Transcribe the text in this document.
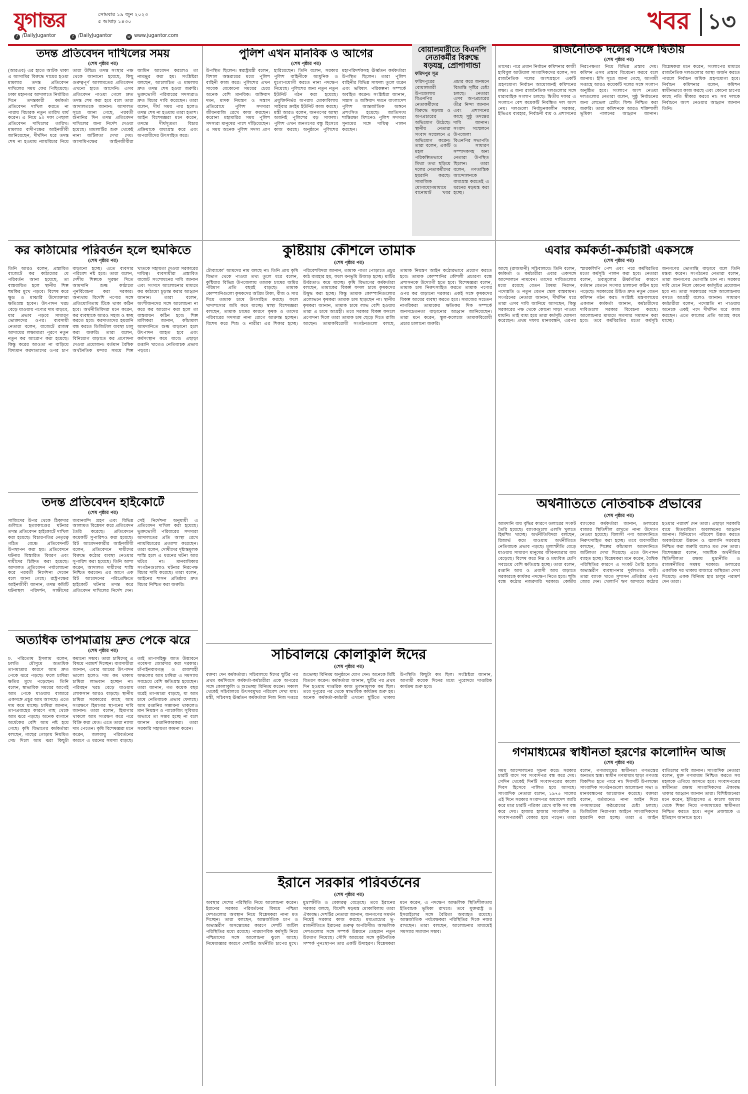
যুগান্তর	সোমবার ১৯ জুন ২০২৩
৫ আষাঢ় ১৪৩০
f /DailyJugantor	t /DailyJugantor	w www.jugantor.com
খবর ১৩
তদন্ত প্রতিবেদন দাখিলের সময়
(শেষ পৃষ্ঠার পর)
(আরএব) এর হাতে আটক থাকা এ আসামির বিরুদ্ধে দায়ের হওয়া মামলার তদন্ত প্রতিবেদন দাখিলের সময় ফের পিছিয়েছে। ঢাকা মহানগর আদালতে নির্ধারিত দিনে তদন্তকারী কর্মকর্তা প্রতিবেদন দাখিল করতে না পারায় বিচারক নতুন তারিখ ধার্য করেন। এ নিয়ে ৯০ দফা পেছাল প্রতিবেদন দাখিলের তারিখ। মামলার বাদীপক্ষের আইনজীবী জানিয়েছেন, দীর্ঘদিন ধরে তদন্ত শেষ না হওয়ায় ন্যায়বিচার নিয়ে তারা উদ্বিগ্ন। তদন্ত সংস্থার পক্ষ থেকে জানানো হয়েছে, কিছু গুরুত্বপূর্ণ আলামতের প্রতিবেদন এখনো হাতে আসেনি। এসব প্রতিবেদন পাওয়া গেলে দ্রুত তদন্ত শেষ করা হবে বলে তারা আদালতকে জানান। আদালত সূত্রে জানা গেছে, পরবর্তী শুনানির দিন তদন্ত প্রতিবেদন দাখিলের জন্য নির্দেশ দেওয়া হয়েছে। মামলাটির শুরু থেকেই নানা জটিলতা দেখা দেয়। আসামিপক্ষের আইনজীবীরা জামিন আবেদন করলেও তা নামঞ্জুর করা হয়। সংশ্লিষ্টরা বলছেন, আলোচিত এ মামলায় দ্রুত তদন্ত শেষ হওয়া জরুরি। ভুক্তভোগী পরিবারের সদস্যরাও দ্রুত বিচার দাবি করেছেন। তারা বলেন, দীর্ঘ সময় পার হলেও তদন্ত শেষ না হওয়ায় তারা হতাশ। আইন বিশেষজ্ঞরা মনে করেন, তদন্তে দীর্ঘসূত্রতা বিচার প্রক্রিয়াকে বাধাগ্রস্ত করে এবং অপরাধীদের উৎসাহিত করে।
পুলিশ এখন মানবিক ও আগের
(শেষ পৃষ্ঠার পর)
উপস্থিত ছিলেন। স্বরাষ্ট্রমন্ত্রী বলেন, বিশাল অন্তরায়ের মধ্যে পুলিশ বাহিনী কাজ করে। পুলিশের এখন সাবেক যেকোনো সময়ের চেয়ে অনেক বেশি মানবিক। জঙ্গিবাদ দমন, মাদক নিয়ন্ত্রণ ও সন্ত্রাস প্রতিরোধে পুলিশ সদস্যরা জীবনবাজি রেখে কাজ করছেন। করোনা মহামারির সময় পুলিশ সদস্যরা মানুষের পাশে দাঁড়িয়েছেন। এ সময় অনেক পুলিশ সদস্য প্রাণ হারিয়েছেন। তিনি বলেন, সরকার পুলিশ বাহিনীকে আধুনিক ও যুগোপযোগী করতে নানা পদক্ষেপ নিয়েছে। পুলিশের জন্য নতুন নতুন ইউনিট গঠন করা হয়েছে। প্রযুক্তিনির্ভর অপরাধ মোকাবিলায় সাইবার ক্রাইম ইউনিট কাজ করছে। মন্ত্রী আরও বলেন, জনগণের আস্থা অর্জনই পুলিশের বড় সাফল্য। পুলিশ এখন জনগণের বন্ধু হিসেবে কাজ করছে। অনুষ্ঠানে পুলিশের মহাপরিদর্শকসহ ঊর্ধ্বতন কর্মকর্তারা উপস্থিত ছিলেন। তারা পুলিশ বাহিনীর বিভিন্ন সাফল্য তুলে ধরেন এবং ভবিষ্যৎ পরিকল্পনা সম্পর্কে অবহিত করেন। সংশ্লিষ্টরা জানান, সন্ত্রাস ও জঙ্গিবাদ দমনে বাংলাদেশ পুলিশ আন্তর্জাতিক অঙ্গনে প্রশংসিত হয়েছে। জাতিসংঘ শান্তিরক্ষা মিশনেও পুলিশ সদস্যরা সুনামের সঙ্গে দায়িত্ব পালন করছেন।
বোয়ালমারীতে বিএনপি নেতাকর্মীর বিরুদ্ধে ষড়যন্ত্র, প্রোপাগান্ডা
ফরিদপুর সূত্র
ফরিদপুরের বোয়ালমারী উপজেলায় বিএনপির নেতাকর্মীদের বিরুদ্ধে ষড়যন্ত্র ও অপপ্রচারের অভিযোগ উঠেছে। স্থানীয় নেতারা সংবাদ সম্মেলনে এ অভিযোগ করেন। তারা বলেন, একটি মহল পরিকল্পিতভাবে মিথ্যা তথ্য ছড়িয়ে দলের নেতাকর্মীদের হয়রানি করছে। সামাজিক যোগাযোগমাধ্যমে বানোয়াট খবর প্রচার করে জনমনে বিভ্রান্তি সৃষ্টির চেষ্টা চলছে। নেতারা এসব অপপ্রচারের তীব্র নিন্দা জানান এবং প্রশাসনের কাছে সুষ্ঠু তদন্তের দাবি জানান। সংবাদ সম্মেলনে উপজেলা বিএনপির সভাপতি ও সাধারণ সম্পাদকসহ অন্য নেতারা উপস্থিত ছিলেন। তারা বলেন, গণতান্ত্রিক আন্দোলনকে বাধাগ্রস্ত করতেই এ ধরনের ষড়যন্ত্র করা হচ্ছে।
রাজনৈতিক দলের সঙ্গে দ্বিতীয়
(শেষ পৃষ্ঠার পর)
তাদের। পরে প্রধান নির্বাচন কমিশনার কাজী হাবিবুল আউয়াল সাংবাদিকদের বলেন, সব রাজনৈতিক দলের অংশগ্রহণে একটি গ্রহণযোগ্য নির্বাচন আয়োজনই কমিশনের লক্ষ্য। এ জন্য রাজনৈতিক দলগুলোর সঙ্গে ধারাবাহিক সংলাপ চলছে। দ্বিতীয় দফার এ সংলাপে বেশ কয়েকটি নিবন্ধিত দল অংশ নেয়। দলগুলো নির্বাচনকালীন সরকার, ইভিএম ব্যবহার, নির্বাচনী ব্যয় ও প্রশাসনের নিরপেক্ষতা নিয়ে বিভিন্ন প্রস্তাব দেয়। কমিশন এসব প্রস্তাব বিবেচনা করবে বলে জানায়। ইসি সূত্রে জানা গেছে, আগামী সপ্তাহে আরও কয়েকটি দলের সঙ্গে সংলাপ অনুষ্ঠিত হবে। সংলাপে অংশ নেওয়া দলগুলোর নেতারা বলেন, সুষ্ঠু নির্বাচনের জন্য লেভেল প্লেয়িং ফিল্ড নিশ্চিত করা জরুরি। তারা কমিশনকে আরও শক্তিশালী ভূমিকা পালনের আহ্বান জানান। বিশ্লেষকরা মনে করেন, সংলাপের মাধ্যমে রাজনৈতিক দলগুলোর আস্থা অর্জন করতে পারলে নির্বাচন অধিক গ্রহণযোগ্য হবে। নির্বাচন কমিশনার বলেন, কমিশন স্বাধীনভাবে কাজ করছে এবং কোনো চাপের কাছে নতি স্বীকার করবে না। সব দলকে নির্বাচনে অংশ নেওয়ার আহ্বান জানান তিনি।
কর কাঠামোর পরিবর্তন হলে হুমকিতে
(শেষ পৃষ্ঠার পর)
তিনি আরও বলেন, প্রস্তাবিত বাজেটে কর কাঠামোর যে পরিবর্তন আনা হয়েছে, তা বাস্তবায়িত হলে স্থানীয় শিল্প হুমকির মুখে পড়বে। বিশেষ করে ক্ষুদ্র ও মাঝারি উদ্যোক্তারা ক্ষতিগ্রস্ত হবেন। উৎপাদন খরচ বেড়ে যাওয়ায় পণ্যের দাম বাড়বে, যার প্রভাব পড়বে সাধারণ ভোক্তাদের ওপর। ব্যবসায়ী নেতারা বলেন, বাজেটে রাজস্ব আদায়ের লক্ষ্যমাত্রা পূরণে নতুন নতুন কর আরোপ করা হয়েছে। কিন্তু করের আওতা না বাড়িয়ে বিদ্যমান করদাতাদের ওপর চাপ বাড়ানো হচ্ছে। এতে ব্যবসার পরিবেশ নষ্ট হবে। তারা বলেন, দেশীয় শিল্পকে সুরক্ষা দিতে আমদানি শুল্ক কাঠামো পুনর্বিবেচনা করা দরকার। অন্যথায় বিদেশি পণ্যের সঙ্গে প্রতিযোগিতায় টিকে থাকা কঠিন হবে। অর্থনীতিবিদরা মনে করেন, কর ব্যবস্থাকে আরও সহজ ও স্বচ্ছ করতে হবে। করদাতাদের হয়রানি বন্ধ করতে ডিজিটাল ব্যবস্থা চালু করা জরুরি। তারা বলেন, বিনিয়োগ বাড়াতে কর প্রণোদনা দেওয়া প্রয়োজন। বর্তমান বৈশ্বিক অর্থনৈতিক মন্দার সময়ে শিল্প খাতকে সহায়তা দেওয়া সরকারের দায়িত্ব। ব্যবসায়ীরা প্রস্তাবিত বাজেট সংশোধনের দাবি জানান এবং সংসদে আলোচনার মাধ্যমে কর কাঠামো চূড়ান্ত করার আহ্বান জানান। তারা বলেন, অংশীজনদের সঙ্গে আলোচনা না করে কর আরোপ করা হলে তা বাস্তবায়ন কঠিন হবে। শিল্প মালিকরা জানান, কাঁচামাল আমদানিতে শুল্ক বাড়ানো হলে উৎপাদন ব্যাহত হবে এবং কর্মসংস্থান কমে যাবে। এছাড়া রপ্তানি খাতেও নেতিবাচক প্রভাব পড়বে।
কুষ্টিয়ায় কৌশলে তামাক
(শেষ পৃষ্ঠার পর)
টোব্যাকো' আমদের নাম বলছে না। তিনি প্রায় কৃষি বিভাগ থেকে পাওয়া তথ্য তুলে ধরে বলেন, কুষ্টিয়ার বিভিন্ন উপজেলায় তামাক চাষের জমির পরিমাণ প্রতি বছরই বাড়ছে। তামাক কোম্পানিগুলো কৃষকদের অগ্রিম টাকা, বীজ ও সার দিয়ে তামাক চাষে উৎসাহিত করছে। ফলে খাদ্যশস্যের জমি কমে যাচ্ছে। স্বাস্থ্য বিশেষজ্ঞরা বলছেন, তামাক চাষের কারণে কৃষক ও তাদের পরিবারের সদস্যরা নানা রোগে আক্রান্ত হচ্ছেন। বিশেষ করে শিশু ও নারীরা এর শিকার হচ্ছে। পরিবেশবিদরা জানান, তামাক পাতা পোড়াতে প্রচুর কাঠ ব্যবহার হয়, ফলে বনভূমি উজাড় হচ্ছে। মাটির উর্বরতাও কমে যাচ্ছে। কৃষি বিভাগের কর্মকর্তারা বলছেন, তামাকের বিকল্প ফসল চাষে কৃষকদের উদ্বুদ্ধ করা হচ্ছে। কিন্তু তামাক কোম্পানিগুলোর প্রলোভনে কৃষকরা তামাক চাষ ছাড়ছেন না। স্থানীয় কৃষকরা জানান, তামাক চাষে লাভ বেশি হওয়ায় তারা এ চাষে আগ্রহী। তবে সরকার বিকল্প ফসলে প্রণোদনা দিলে তারা তামাক চাষ ছেড়ে দিতে রাজি আছেন। তামাকবিরোধী সংগঠনগুলো বলছে, তামাক নিয়ন্ত্রণ আইন কঠোরভাবে প্রয়োগ করতে হবে। তামাক কোম্পানির কৌশলী প্রচারণা বন্ধে প্রশাসনকে উদ্যোগী হতে হবে। বিশেষজ্ঞরা বলেন, তামাক চাষ নিরুৎসাহিত করতে তামাক পণ্যের ওপর কর বাড়ানো দরকার। একই সঙ্গে কৃষকদের বিকল্প আয়ের ব্যবস্থা করতে হবে। সমাজের সচেতন নাগরিকরা তামাকের ক্ষতিকর দিক সম্পর্কে জনসচেতনতা বাড়ানোর আহ্বান জানিয়েছেন। তারা মনে করেন, স্কুল-কলেজে তামাকবিরোধী প্রচার চালানো জরুরি।
এবার কর্মকর্তা-কর্মচারী একসঙ্গে
(শেষ পৃষ্ঠার পর)
আছে (রাজধানী) সচিবালয়ে। তিনি বলেন, কর্মকর্তা ও কর্মচারীরা এবার একসঙ্গে আন্দোলনে নামবেন। তাদের দাবিগুলোর মধ্যে রয়েছে বেতন বৈষম্য নিরসন, পদোন্নতি ও নতুন বেতন স্কেল বাস্তবায়ন। সংগঠনের নেতারা জানান, দীর্ঘদিন ধরে তারা এসব দাবি জানিয়ে আসছেন, কিন্তু সরকারের পক্ষ থেকে কোনো সাড়া পাওয়া যায়নি। তাই বাধ্য হয়ে তারা কর্মসূচি ঘোষণা করেছেন। প্রথম দফায় মানববন্ধন, এরপর স্মারকলিপি পেশ এবং পরে কর্মবিরতির মতো কর্মসূচি পালন করা হবে। নেতারা বলেন, দ্রব্যমূল্যের ঊর্ধ্বগতির কারণে বর্তমান বেতনে সংসার চালানো কঠিন হয়ে পড়েছে। সরকারের উচিত দ্রুত নতুন বেতন কমিশন গঠন করা। সংশ্লিষ্ট মন্ত্রণালয়ের একজন কর্মকর্তা জানান, কর্মচারীদের দাবিগুলো সরকার বিবেচনা করছে। আলোচনার মাধ্যমে সমস্যার সমাধান করা হবে। তবে কর্মবিরতির মতো কর্মসূচি জনগণের ভোগান্তি বাড়াবে বলে তিনি মন্তব্য করেন। সংগঠনের নেতারা বলেন, তারা জনগণের ভোগান্তি চান না। সরকার দাবি মেনে নিলে কোনো কর্মসূচির প্রয়োজন হবে না। তারা সরকারের সঙ্গে আলোচনায় বসতে আগ্রহী বলেও জানান। সাধারণ কর্মচারীরা বলেন, পদোন্নতি না পাওয়ায় অনেকে একই পদে দীর্ঘদিন ধরে কাজ করছেন। এতে কাজের প্রতি আগ্রহ কমে যাচ্ছে।
তদন্ত প্রতিবেদন হাইকোর্টে
(শেষ পৃষ্ঠার পর)
সাজিদের উপর থেকে ঠিকাদার গুলিতে হত্যাকাণ্ডের ঘটনার তদন্ত প্রতিবেদন হাইকোর্টে দাখিল করা হয়েছে। বিচারপতির নেতৃত্বে গঠিত বেঞ্চে প্রতিবেদনটি উপস্থাপন করা হয়। প্রতিবেদনে ঘটনার বিস্তারিত বিবরণ এবং দায়ীদের চিহ্নিত করা হয়েছে। আদালত প্রতিবেদন পর্যালোচনা করে পরবর্তী নির্দেশনা দেবেন বলে জানা গেছে। রাষ্ট্রপক্ষের আইনজীবী জানান, তদন্ত কমিটি ঘটনাস্থল পরিদর্শন, সাক্ষীদের জবানবন্দি গ্রহণ এবং বিভিন্ন আলামত বিশ্লেষণ করে প্রতিবেদন তৈরি করেছে। প্রতিবেদনে কয়েকটি সুপারিশও করা হয়েছে। রিট আবেদনকারীর আইনজীবী বলেন, প্রতিবেদনে দায়ীদের বিরুদ্ধে কঠোর ব্যবস্থা নেওয়ার সুপারিশ করা হয়েছে। তিনি আশা করেন, আদালত দায়ীদের শাস্তি নিশ্চিত করবেন। এর আগে এক রিট আবেদনের পরিপ্রেক্ষিতে হাইকোর্ট ঘটনার তদন্ত করে প্রতিবেদন দাখিলের নির্দেশ দেন। সেই নির্দেশনা অনুযায়ী এ প্রতিবেদন দাখিল করা হয়েছে। ভুক্তভোগী পরিবারের সদস্যরা আদালতের প্রতি আস্থা রেখে ন্যায়বিচারের প্রত্যাশা করেছেন। তারা বলেন, দোষীদের দৃষ্টান্তমূলক শাস্তি হলে এ ধরনের ঘটনা আর ঘটবে না। মানবাধিকার সংগঠনগুলোও ঘটনার নিরপেক্ষ বিচার দাবি করেছে। তারা বলেন, আইনের শাসন প্রতিষ্ঠায় দ্রুত বিচার নিশ্চিত করা জরুরি।
অর্থনীতিতে নেতিবাচক প্রভাবের
(শেষ পৃষ্ঠার পর)
আমদানি ব্যয় বৃদ্ধির কারণে ডলারের সংকট তৈরি হয়েছে। ব্যাংকগুলো এলসি খুলতে হিমশিম খাচ্ছে। অর্থনীতিবিদরা বলছেন, রিজার্ভ কমে যাওয়ায় অর্থনীতিতে নেতিবাচক প্রভাব পড়ছে। মূল্যস্ফীতি বেড়ে যাওয়ায় সাধারণ মানুষের জীবনযাত্রার ব্যয় বেড়েছে। বিশেষ করে নিম্ন ও মধ্যবিত্ত শ্রেণি সবচেয়ে বেশি ক্ষতিগ্রস্ত হচ্ছে। তারা বলেন, রপ্তানি আয় ও প্রবাসী আয় বাড়াতে সরকারকে কার্যকর পদক্ষেপ নিতে হবে। হুন্ডি বন্ধে কঠোর নজরদারি দরকার। কেন্দ্রীয় ব্যাংকের কর্মকর্তারা জানান, ডলারের বাজার স্থিতিশীল রাখতে নানা উদ্যোগ নেওয়া হয়েছে। বিলাসী পণ্য আমদানিতে নিরুৎসাহিত করা হচ্ছে। তবে ব্যবসায়ীরা বলছেন, শিল্পের কাঁচামাল আমদানিতে জটিলতা দেখা দিয়েছে। এতে উৎপাদন ব্যাহত হচ্ছে। বিশ্লেষকরা মনে করেন, বৈশ্বিক পরিস্থিতির কারণে এ সংকট তৈরি হলেও অভ্যন্তরীণ ব্যবস্থাপনার দুর্বলতাও দায়ী। তারা ব্যাংক খাতে সুশাসন প্রতিষ্ঠার ওপর জোর দেন। খেলাপি ঋণ আদায়ে কঠোর হওয়ার পরামর্শ দেন তারা। এছাড়া সরকারি ব্যয়ে মিতব্যয়িতা অবলম্বনের আহ্বান জানান। বিনিয়োগ পরিবেশ উন্নত করতে অবকাঠামো উন্নয়ন ও জ্বালানি সরবরাহ নিশ্চিত করা জরুরি বলেও মত দেন তারা। বিশেষজ্ঞরা বলেন, সামষ্টিক অর্থনীতির স্থিতিশীলতা রক্ষায় মুদ্রানীতি ও রাজস্বনীতির সমন্বয় দরকার। ডলারের একাধিক দর থাকায় বাজারে অস্থিরতা দেখা দিয়েছে। একক বিনিময় হার চালুর পরামর্শ দেন তারা।
অত্যধিক তাপমাত্রায় দ্রুত পেকে ঝরে
(শেষ পৃষ্ঠার পর)
ঢ. পরিতোষ ইসলাম বলেন, চলতি মৌসুমে অত্যধিক তাপমাত্রার কারণে আম দ্রুত পেকে ঝরে পড়ছে। ফলে চাষিরা ক্ষতির মুখে পড়েছেন। তিনি বলেন, স্বাভাবিক সময়ের আগেই আম পেকে যাওয়ায় বাজারে একসঙ্গে প্রচুর আম আসছে। এতে দাম কমে যাচ্ছে। চাষিরা জানান, তাপপ্রবাহের কারণে গাছ থেকে আম ঝরে পড়ছে। অনেক বাগানে অর্ধেকের বেশি আম নষ্ট হয়ে গেছে। কৃষি বিভাগের কর্মকর্তারা বলছেন, গাছের গোড়ায় নিয়মিত সেচ দিলে আম ঝরা কিছুটা কমানো সম্ভব। তারা চাষিদের এ বিষয়ে পরামর্শ দিচ্ছেন। ব্যবসায়ীরা জানান, এবার আমের উৎপাদন ভালো হলেও দাম কম থাকায় চাষিরা লাভবান হচ্ছেন না। পরিবহন খরচ বেড়ে যাওয়ায় লোকসান আরও বাড়ছে। স্থানীয় চাষিরা সরকারের কাছে আম সংরক্ষণে হিমাগার স্থাপনের দাবি জানান। তারা বলেন, হিমাগার থাকলে আম সংরক্ষণ করে পরে বিক্রি করা যেত। এতে তারা ন্যায্য দাম পেতেন। কৃষি বিশেষজ্ঞরা মনে করেন, জলবায়ু পরিবর্তনের কারণে এ ধরনের সমস্যা বাড়ছে। তাই তাপসহিষ্ণু জাত উদ্ভাবনে গবেষণা জোরদার করা দরকার। চাঁপাইনবাবগঞ্জ ও রাজশাহী অঞ্চলের আম চাষিরা এ সমস্যায় সবচেয়ে বেশি ক্ষতিগ্রস্ত হয়েছেন। তারা জানান, গত কয়েক বছর ধরেই তাপমাত্রা বাড়ছে, যা আম চাষে নেতিবাচক প্রভাব ফেলছে। আম রপ্তানির সম্ভাবনা থাকলেও মান নিয়ন্ত্রণ ও প্যাকেজিং সুবিধার অভাবে তা সম্ভব হচ্ছে না বলে জানান রপ্তানিকারকরা। তারা সরকারি সহায়তা কামনা করেন।
সচিবালয়ে কোলাকুলি ঈদের
(শেষ পৃষ্ঠার পর)
বক্তব্য দেন কর্মকর্তারা। সচিবালয়ে ঈদের ছুটির পর প্রথম কর্মদিবসে কর্মকর্তা-কর্মচারীরা একে অপরের সঙ্গে কোলাকুলি ও শুভেচ্ছা বিনিময় করেন। সকাল থেকেই সচিবালয়ে উৎসবমুখর পরিবেশ দেখা যায়। মন্ত্রী, সচিবসহ ঊর্ধ্বতন কর্মকর্তারা নিজ নিজ দপ্তরে শুভেচ্ছা বিনিময় অনুষ্ঠানে যোগ দেন। অনেকে মিষ্টি বিতরণ করেন। কর্মকর্তারা জানান, ছুটির পর প্রথম দিন হওয়ায় দাপ্তরিক কাজ তুলনামূলক কম ছিল। তবে দুপুরের পর থেকে স্বাভাবিক কার্যক্রম শুরু হয়। অনেক কর্মকর্তা-কর্মচারী এখনো ছুটিতে থাকায় উপস্থিতি কিছুটা কম ছিল। সংশ্লিষ্টরা জানান, আগামী কয়েক দিনের মধ্যে পুরোদমে দাপ্তরিক কার্যক্রম শুরু হবে।
ইরানে সরকার পরিবর্তনের
(শেষ পৃষ্ঠার পর)
অবস্থার দেশের পরিস্থিতি নিয়ে আলোচনা করেন। ইরানের সরকার পরিবর্তনের বিষয়ে পশ্চিমা দেশগুলোর অবস্থান নিয়ে বিশ্লেষকরা নানা মত দিচ্ছেন। তারা বলছেন, আন্তর্জাতিক চাপ ও অভ্যন্তরীণ অসন্তোষের কারণে দেশটি জটিল পরিস্থিতির মধ্যে রয়েছে। পারমাণবিক কর্মসূচি নিয়ে পশ্চিমাদের সঙ্গে আলোচনা ঝুলে আছে। নিষেধাজ্ঞার কারণে দেশটির অর্থনীতি চাপের মুখে। মুদ্রাস্ফীতি ও বেকারত্ব বেড়েছে। তবে ইরানের সরকার বলছে, বিদেশি ষড়যন্ত্র মোকাবিলায় তারা ঐক্যবদ্ধ। দেশটির নেতারা জানান, জনগণের সমর্থন নিয়েই সরকার কাজ করছে। মধ্যপ্রাচ্যের ভূ-রাজনীতিতে ইরানের গুরুত্ব অপরিসীম। আঞ্চলিক দেশগুলোর সঙ্গে সম্পর্ক উন্নয়নে তেহরান নতুন উদ্যোগ নিয়েছে। সৌদি আরবের সঙ্গে কূটনৈতিক সম্পর্ক পুনঃস্থাপন তার একটি উদাহরণ। বিশ্লেষকরা মনে করেন, এ পদক্ষেপ আঞ্চলিক স্থিতিশীলতায় ইতিবাচক ভূমিকা রাখবে। তবে যুক্তরাষ্ট্র ও ইসরাইলের সঙ্গে বৈরিতা অব্যাহত রয়েছে। আন্তর্জাতিক পর্যবেক্ষকরা পরিস্থিতির দিকে নজর রাখছেন। তারা বলছেন, আলোচনার মাধ্যমেই সমস্যার সমাধান সম্ভব।
গণমাধ্যমের স্বাধীনতা হরণের কালোদিন আজ
(শেষ পৃষ্ঠার পর)
সময় আন্দোলনের সূচনা করে। সরকার চারটি বাদে সব সংবাদপত্র বন্ধ করে দেয়। সেদিন থেকেই দিনটি সংবাদপত্রের কালো দিবস হিসেবে পালিত হয়ে আসছে। সাংবাদিক নেতারা বলেন, ১৯৭৫ সালের এই দিনে সরকার সংবাদপত্র অধ্যাদেশ জারি করে মাত্র চারটি পত্রিকা রেখে বাকি সব বন্ধ করে দেয়। হাজার হাজার সাংবাদিক ও সংবাদপত্রকর্মী বেকার হয়ে পড়েন। তারা বলেন, গণমাধ্যমের স্বাধীনতা গণতন্ত্রের অন্যতম স্তম্ভ। স্বাধীন গণমাধ্যম ছাড়া গণতন্ত্র বিকশিত হতে পারে না। দিবসটি উপলক্ষ্যে সাংবাদিক সংগঠনগুলো আলোচনা সভা ও মানববন্ধনের আয়োজন করেছে। বক্তারা বলেন, বর্তমানেও নানা আইন দিয়ে গণমাধ্যমের কণ্ঠরোধের চেষ্টা চলছে। ডিজিটাল নিরাপত্তা আইনে সাংবাদিকদের হয়রানি করা হচ্ছে। তারা এ আইন বাতিলের দাবি জানান। সাংবাদিক নেতারা বলেন, মুক্ত গণমাধ্যম নিশ্চিত করতে সব মহলকে এগিয়ে আসতে হবে। সংবাদপত্রের স্বাধীনতা রক্ষায় সাংবাদিকদের ঐক্যবদ্ধ থাকার আহ্বান জানান তারা। বিশিষ্টজনেরা মনে করেন, ইতিহাসের এ কালো অধ্যায় থেকে শিক্ষা নিয়ে গণমাধ্যমের স্বাধীনতা নিশ্চিত করতে হবে। নতুন প্রজন্মকে এ ইতিহাস জানাতে হবে।
